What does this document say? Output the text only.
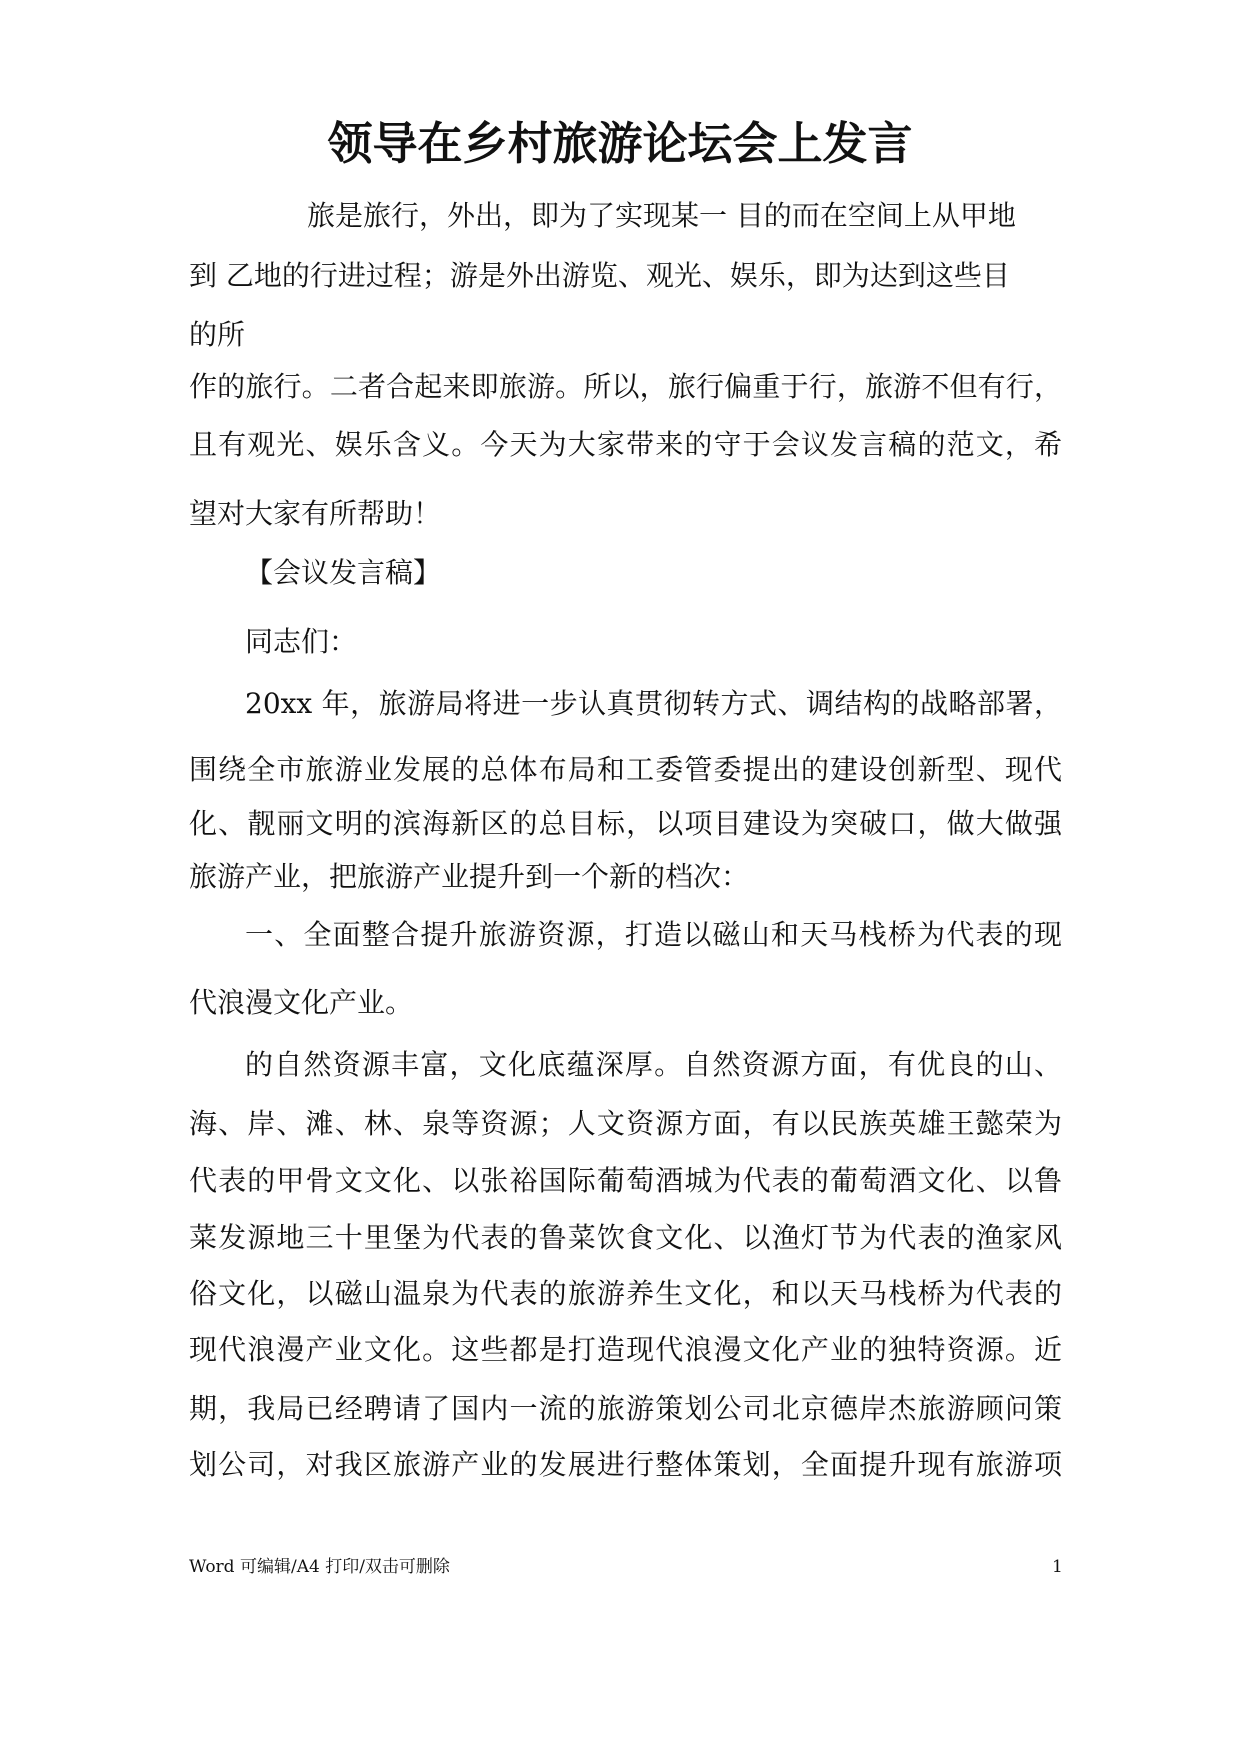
领导在乡村旅游论坛会上发言
旅是旅行，外出，即为了实现某一 目的而在空间上从甲地
到 乙地的行进过程；游是外出游览、观光、娱乐，即为达到这些目
的所
作的旅行。二者合起来即旅游。所以，旅行偏重于行，旅游不但有行，
且有观光、娱乐含义。今天为大家带来的守于会议发言稿的范文，希
望对大家有所帮助！
【会议发言稿】
同志们：
20xx 年，旅游局将进一步认真贯彻转方式、调结构的战略部署，
围绕全市旅游业发展的总体布局和工委管委提出的建设创新型、现代
化、靓丽文明的滨海新区的总目标，以项目建设为突破口，做大做强
旅游产业，把旅游产业提升到一个新的档次：
一、全面整合提升旅游资源，打造以磁山和天马栈桥为代表的现
代浪漫文化产业。
的自然资源丰富，文化底蕴深厚。自然资源方面，有优良的山、
海、岸、滩、林、泉等资源；人文资源方面，有以民族英雄王懿荣为
代表的甲骨文文化、以张裕国际葡萄酒城为代表的葡萄酒文化、以鲁
菜发源地三十里堡为代表的鲁菜饮食文化、以渔灯节为代表的渔家风
俗文化，以磁山温泉为代表的旅游养生文化，和以天马栈桥为代表的
现代浪漫产业文化。这些都是打造现代浪漫文化产业的独特资源。近
期，我局已经聘请了国内一流的旅游策划公司北京德岸杰旅游顾问策
划公司，对我区旅游产业的发展进行整体策划，全面提升现有旅游项
Word 可编辑/A4 打印/双击可删除	1
